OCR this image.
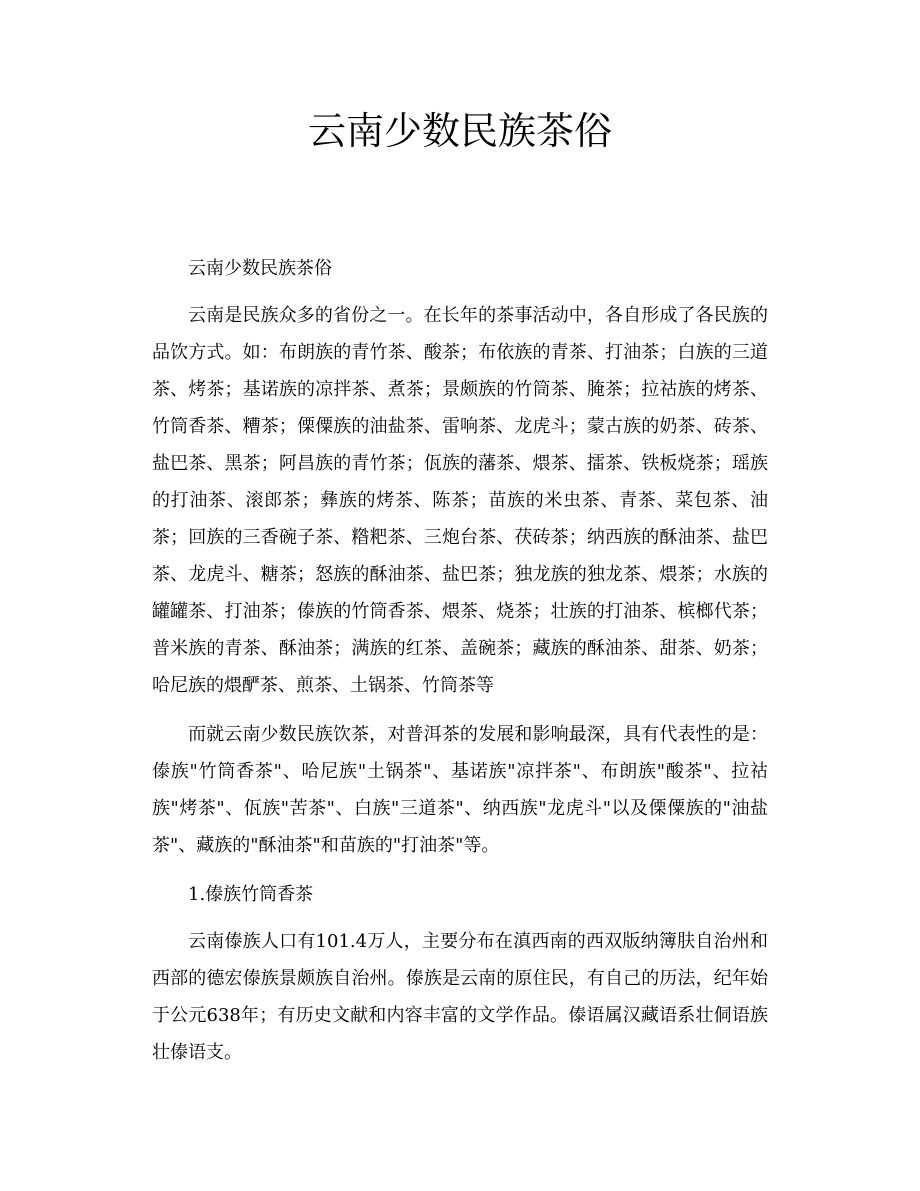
云南少数民族茶俗

云南少数民族茶俗

云南是民族众多的省份之一。在长年的茶事活动中，各自形成了各民族的品饮方式。如：布朗族的青竹茶、酸茶；布依族的青茶、打油茶；白族的三道茶、烤茶；基诺族的凉拌茶、煮茶；景颇族的竹筒茶、腌茶；拉祜族的烤茶、竹筒香茶、糟茶；傈僳族的油盐茶、雷响茶、龙虎斗；蒙古族的奶茶、砖茶、盐巴茶、黑茶；阿昌族的青竹茶；佤族的藩茶、煨茶、擂茶、铁板烧茶；瑶族的打油茶、滚郎茶；彝族的烤茶、陈茶；苗族的米虫茶、青茶、菜包茶、油茶；回族的三香碗子茶、糌粑茶、三炮台茶、茯砖茶；纳西族的酥油茶、盐巴茶、龙虎斗、糖茶；怒族的酥油茶、盐巴茶；独龙族的独龙茶、煨茶；水族的罐罐茶、打油茶；傣族的竹筒香茶、煨茶、烧茶；壮族的打油茶、槟榔代茶；普米族的青茶、酥油茶；满族的红茶、盖碗茶；藏族的酥油茶、甜茶、奶茶；哈尼族的煨酽茶、煎茶、土锅茶、竹筒茶等

而就云南少数民族饮茶，对普洱茶的发展和影响最深，具有代表性的是：傣族"竹筒香茶"、哈尼族"土锅茶"、基诺族"凉拌茶"、布朗族"酸茶"、拉祜族"烤茶"、佤族"苦茶"、白族"三道茶"、纳西族"龙虎斗"以及傈僳族的"油盐茶"、藏族的"酥油茶"和苗族的"打油茶"等。

1.傣族竹筒香茶

云南傣族人口有101.4万人，主要分布在滇西南的西双版纳簿肤自治州和西部的德宏傣族景颇族自治州。傣族是云南的原住民，有自己的历法，纪年始于公元638年；有历史文献和内容丰富的文学作品。傣语属汉藏语系壮侗语族壮傣语支。
